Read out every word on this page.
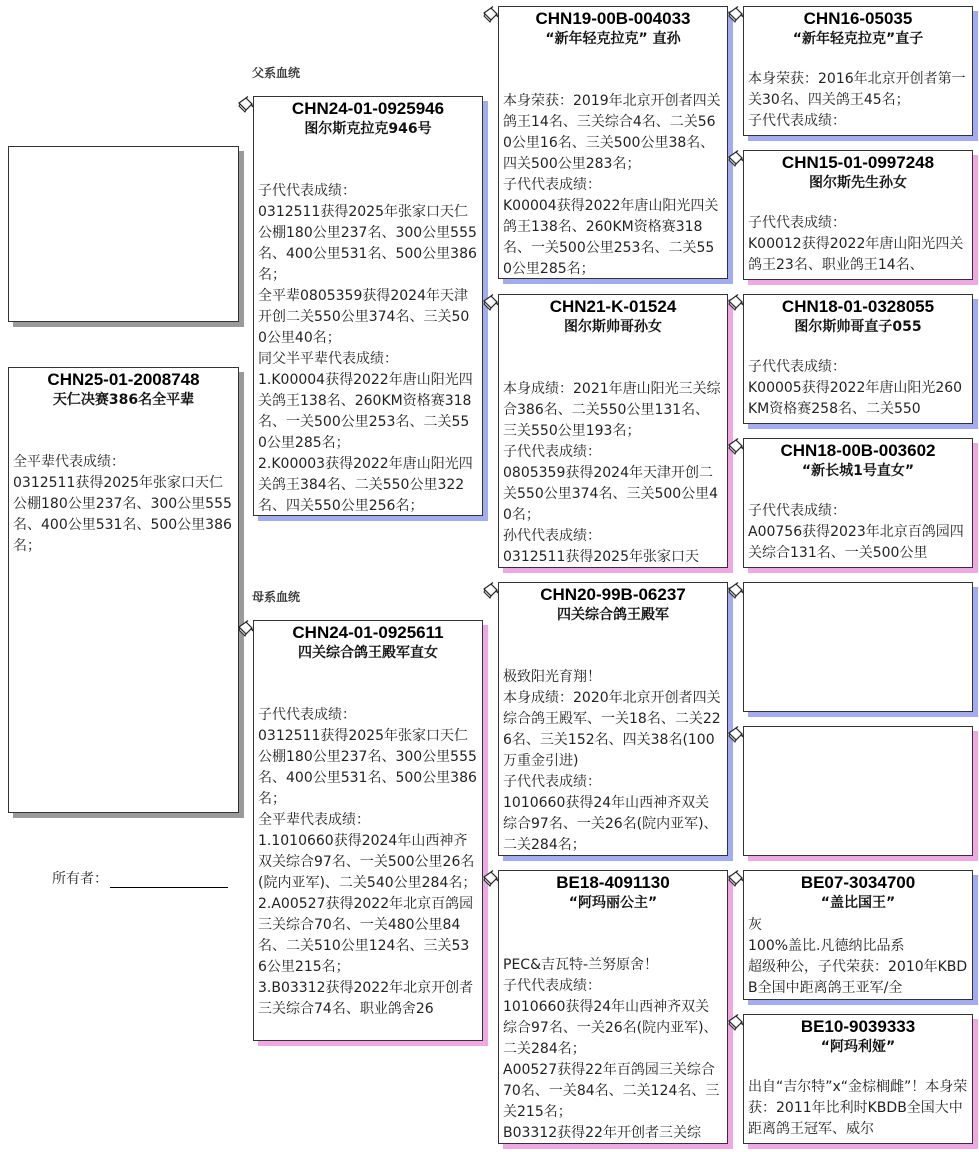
CHN25-01-2008748
天仁决赛386名全平辈
全平辈代表成绩：
0312511获得2025年张家口天仁公棚180公里237名、300公里555名、400公里531名、500公里386名；
所有者：
父系血统
母系血统
CHN24-01-0925946
图尔斯克拉克946号
子代代表成绩：
0312511获得2025年张家口天仁公棚180公里237名、300公里555名、400公里531名、500公里386名；
全平辈0805359获得2024年天津开创二关550公里374名、三关500公里40名；
同父半平辈代表成绩：
1.K00004获得2022年唐山阳光四关鸽王138名、260KM资格赛318名、一关500公里253名、二关550公里285名；
2.K00003获得2022年唐山阳光四关鸽王384名、二关550公里322名、四关550公里256名；
CHN24-01-0925611
四关综合鸽王殿军直女
子代代表成绩：
0312511获得2025年张家口天仁公棚180公里237名、300公里555名、400公里531名、500公里386名；
全平辈代表成绩：
1.1010660获得2024年山西神齐双关综合97名、一关500公里26名(院内亚军)、二关540公里284名；
2.A00527获得2022年北京百鸽园三关综合70名、一关480公里84名、二关510公里124名、三关536公里215名；
3.B03312获得2022年北京开创者三关综合74名、职业鸽舍26
CHN19-00B-004033
“新年轻克拉克” 直孙
本身荣获：2019年北京开创者四关鸽王14名、三关综合4名、二关560公里16名、三关500公里38名、四关500公里283名；
子代代表成绩：
K00004获得2022年唐山阳光四关鸽王138名、260KM资格赛318名、一关500公里253名、二关550公里285名；
CHN21-K-01524
图尔斯帅哥孙女
本身成绩：2021年唐山阳光三关综合386名、二关550公里131名、三关550公里193名；
子代代表成绩：
0805359获得2024年天津开创二关550公里374名、三关500公里40名；
孙代代表成绩：
0312511获得2025年张家口天
CHN20-99B-06237
四关综合鸽王殿军
极致阳光育翔！
本身成绩：2020年北京开创者四关综合鸽王殿军、一关18名、二关226名、三关152名、四关38名(100万重金引进)
子代代表成绩：
1010660获得24年山西神齐双关综合97名、一关26名(院内亚军)、二关284名；
BE18-4091130
“阿玛丽公主”
PEC&吉瓦特-兰努原舍！
子代代表成绩：
1010660获得24年山西神齐双关综合97名、一关26名(院内亚军)、二关284名；
A00527获得22年百鸽园三关综合70名、一关84名、二关124名、三关215名；
B03312获得22年开创者三关综
CHN16-05035
“新年轻克拉克”直子
本身荣获：2016年北京开创者第一关30名、四关鸽王45名；
子代代表成绩：
CHN15-01-0997248
图尔斯先生孙女
子代代表成绩：
K00012获得2022年唐山阳光四关鸽王23名、职业鸽王14名、
CHN18-01-0328055
图尔斯帅哥直子055
子代代表成绩：
K00005获得2022年唐山阳光260KM资格赛258名、二关550
CHN18-00B-003602
“新长城1号直女”
子代代表成绩：
A00756获得2023年北京百鸽园四关综合131名、一关500公里
BE07-3034700
“盖比国王”
灰
100%盖比.凡德纳比品系
超级种公，子代荣获：2010年KBDB全国中距离鸽王亚军/全
BE10-9039333
“阿玛利娅”
出自“吉尔特”x“金棕榈雌”！本身荣获：2011年比利时KBDB全国大中距离鸽王冠军、威尔
